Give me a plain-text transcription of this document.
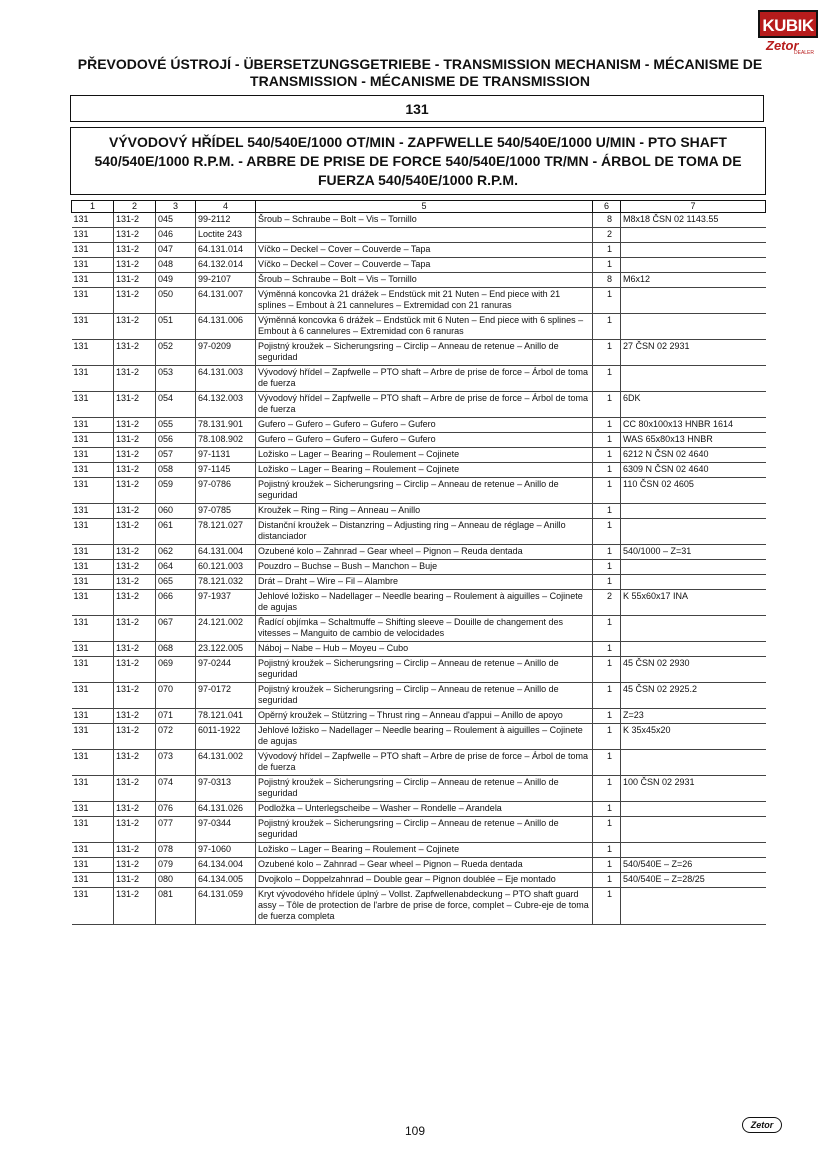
KUBIK
Zetor
DEALER
PŘEVODOVÉ ÚSTROJÍ - ÜBERSETZUNGSGETRIEBE - TRANSMISSION MECHANISM - MÉCANISME DE TRANSMISSION - MÉCANISME DE TRANSMISSION
131
VÝVODOVÝ HŘÍDEL 540/540E/1000 OT/MIN - ZAPFWELLE 540/540E/1000 U/MIN - PTO SHAFT 540/540E/1000 R.P.M. - ARBRE DE PRISE DE FORCE 540/540E/1000 TR/MN - ÁRBOL DE TOMA DE FUERZA 540/540E/1000 R.P.M.
1	2	3	4	5	6	7
131	131-2	045	99-2112	Šroub – Schraube – Bolt – Vis – Tornillo	8	M8x18 ČSN 02 1143.55
131	131-2	046	Loctite 243		2	
131	131-2	047	64.131.014	Víčko – Deckel – Cover – Couverde – Tapa	1	
131	131-2	048	64.132.014	Víčko – Deckel – Cover – Couverde – Tapa	1	
131	131-2	049	99-2107	Šroub – Schraube – Bolt – Vis – Tornillo	8	M6x12
131	131-2	050	64.131.007	Výměnná koncovka 21 drážek – Endstück mit 21 Nuten – End piece with 21 splines – Embout à 21 cannelures – Extremidad con 21 ranuras	1	
131	131-2	051	64.131.006	Výměnná koncovka 6 drážek – Endstück mit 6 Nuten – End piece with 6 splines – Embout à 6 cannelures – Extremidad con 6 ranuras	1	
131	131-2	052	97-0209	Pojistný kroužek – Sicherungsring – Circlip – Anneau de retenue – Anillo de seguridad	1	27 ČSN 02 2931
131	131-2	053	64.131.003	Vývodový hřídel – Zapfwelle – PTO shaft – Arbre de prise de force – Árbol de toma de fuerza	1	
131	131-2	054	64.132.003	Vývodový hřídel – Zapfwelle – PTO shaft – Arbre de prise de force – Árbol de toma de fuerza	1	6DK
131	131-2	055	78.131.901	Gufero – Gufero – Gufero – Gufero – Gufero	1	CC 80x100x13 HNBR 1614
131	131-2	056	78.108.902	Gufero – Gufero – Gufero – Gufero – Gufero	1	WAS 65x80x13 HNBR
131	131-2	057	97-1131	Ložisko – Lager – Bearing – Roulement – Cojinete	1	6212 N ČSN 02 4640
131	131-2	058	97-1145	Ložisko – Lager – Bearing – Roulement – Cojinete	1	6309 N ČSN 02 4640
131	131-2	059	97-0786	Pojistný kroužek – Sicherungsring – Circlip – Anneau de retenue – Anillo de seguridad	1	110 ČSN 02 4605
131	131-2	060	97-0785	Kroužek – Ring – Ring – Anneau – Anillo	1	
131	131-2	061	78.121.027	Distanční kroužek – Distanzring – Adjusting ring – Anneau de réglage – Anillo distanciador	1	
131	131-2	062	64.131.004	Ozubené kolo – Zahnrad – Gear wheel – Pignon – Reuda dentada	1	540/1000 – Z=31
131	131-2	064	60.121.003	Pouzdro – Buchse – Bush – Manchon – Buje	1	
131	131-2	065	78.121.032	Drát – Draht – Wire – Fil – Alambre	1	
131	131-2	066	97-1937	Jehlové ložisko – Nadellager – Needle bearing – Roulement à aiguilles – Cojinete de agujas	2	K 55x60x17 INA
131	131-2	067	24.121.002	Řadící objímka – Schaltmuffe – Shifting sleeve – Douille de changement des vitesses – Manguito de cambio de velocidades	1	
131	131-2	068	23.122.005	Náboj – Nabe – Hub – Moyeu – Cubo	1	
131	131-2	069	97-0244	Pojistný kroužek – Sicherungsring – Circlip – Anneau de retenue – Anillo de seguridad	1	45 ČSN 02 2930
131	131-2	070	97-0172	Pojistný kroužek – Sicherungsring – Circlip – Anneau de retenue – Anillo de seguridad	1	45 ČSN 02 2925.2
131	131-2	071	78.121.041	Opěrný kroužek – Stützring – Thrust ring – Anneau d'appui – Anillo de apoyo	1	Z=23
131	131-2	072	6011-1922	Jehlové ložisko – Nadellager – Needle bearing – Roulement à aiguilles – Cojinete de agujas	1	K 35x45x20
131	131-2	073	64.131.002	Vývodový hřídel – Zapfwelle – PTO shaft – Arbre de prise de force – Árbol de toma de fuerza	1	
131	131-2	074	97-0313	Pojistný kroužek – Sicherungsring – Circlip – Anneau de retenue – Anillo de seguridad	1	100 ČSN 02 2931
131	131-2	076	64.131.026	Podložka – Unterlegscheibe – Washer – Rondelle – Arandela	1	
131	131-2	077	97-0344	Pojistný kroužek – Sicherungsring – Circlip – Anneau de retenue – Anillo de seguridad	1	
131	131-2	078	97-1060	Ložisko – Lager – Bearing – Roulement – Cojinete	1	
131	131-2	079	64.134.004	Ozubené kolo – Zahnrad – Gear wheel – Pignon – Rueda dentada	1	540/540E – Z=26
131	131-2	080	64.134.005	Dvojkolo – Doppelzahnrad – Double gear – Pignon doublée – Eje montado	1	540/540E – Z=28/25
131	131-2	081	64.131.059	Kryt vývodového hřídele úplný – Vollst. Zapfwellenabdeckung – PTO shaft guard assy – Tôle de protection de l'arbre de prise de force, complet – Cubre-eje de toma de fuerza completa	1	
109	Zetor
